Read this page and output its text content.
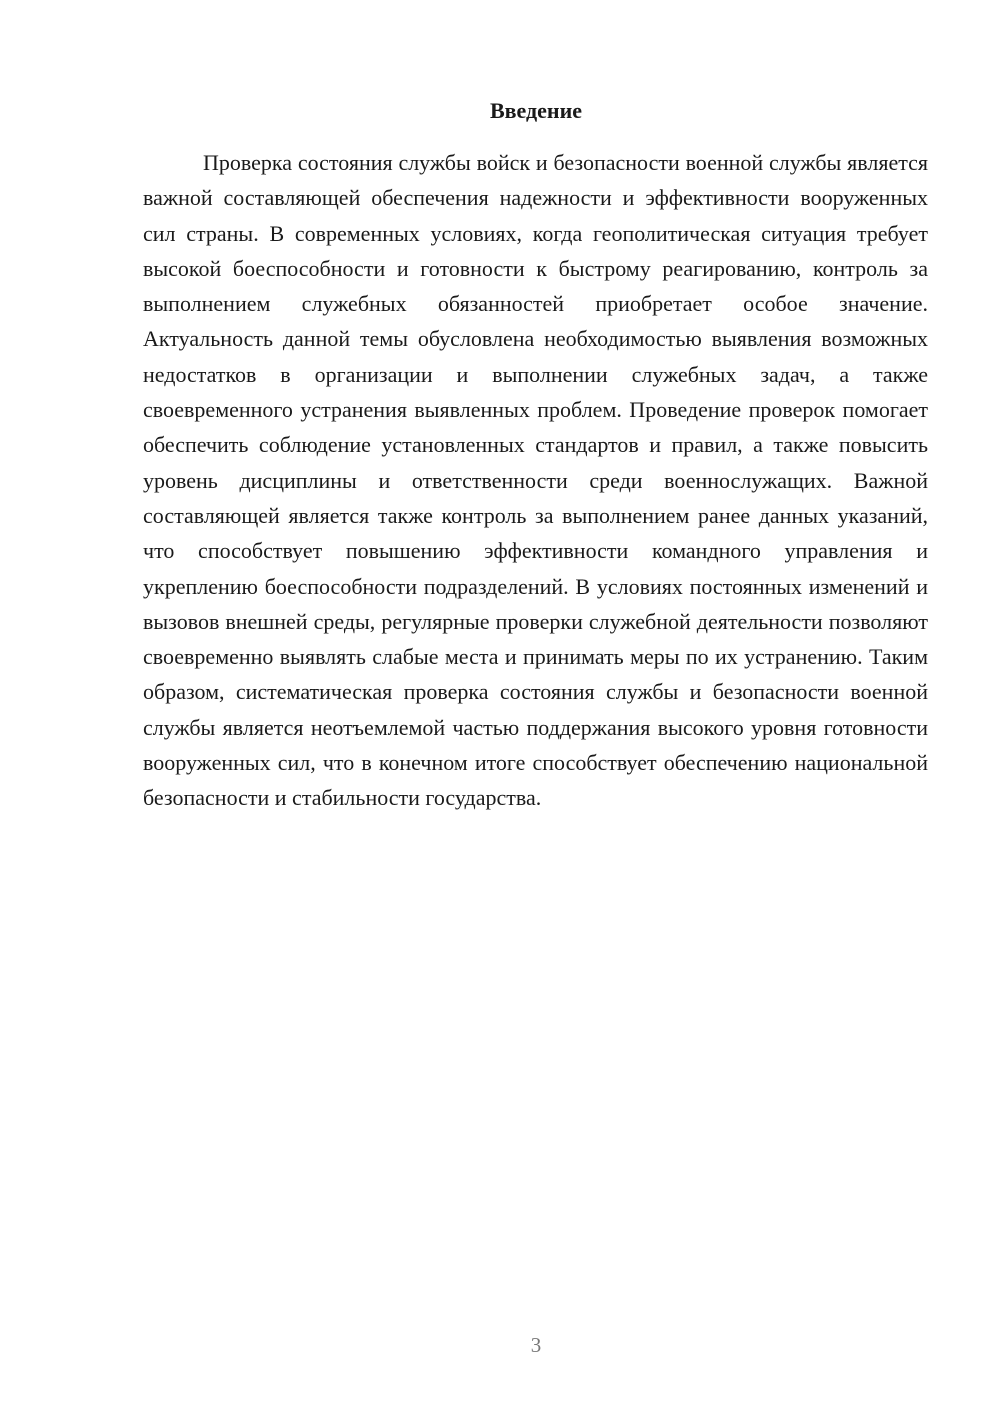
Введение

Проверка состояния службы войск и безопасности военной службы является важной составляющей обеспечения надежности и эффективности вооруженных сил страны. В современных условиях, когда геополитическая ситуация требует высокой боеспособности и готовности к быстрому реагированию, контроль за выполнением служебных обязанностей приобретает особое значение. Актуальность данной темы обусловлена необходимостью выявления возможных недостатков в организации и выполнении служебных задач, а также своевременного устранения выявленных проблем. Проведение проверок помогает обеспечить соблюдение установленных стандартов и правил, а также повысить уровень дисциплины и ответственности среди военнослужащих. Важной составляющей является также контроль за выполнением ранее данных указаний, что способствует повышению эффективности командного управления и укреплению боеспособности подразделений. В условиях постоянных изменений и вызовов внешней среды, регулярные проверки служебной деятельности позволяют своевременно выявлять слабые места и принимать меры по их устранению. Таким образом, систематическая проверка состояния службы и безопасности военной службы является неотъемлемой частью поддержания высокого уровня готовности вооруженных сил, что в конечном итоге способствует обеспечению национальной безопасности и стабильности государства.

3
